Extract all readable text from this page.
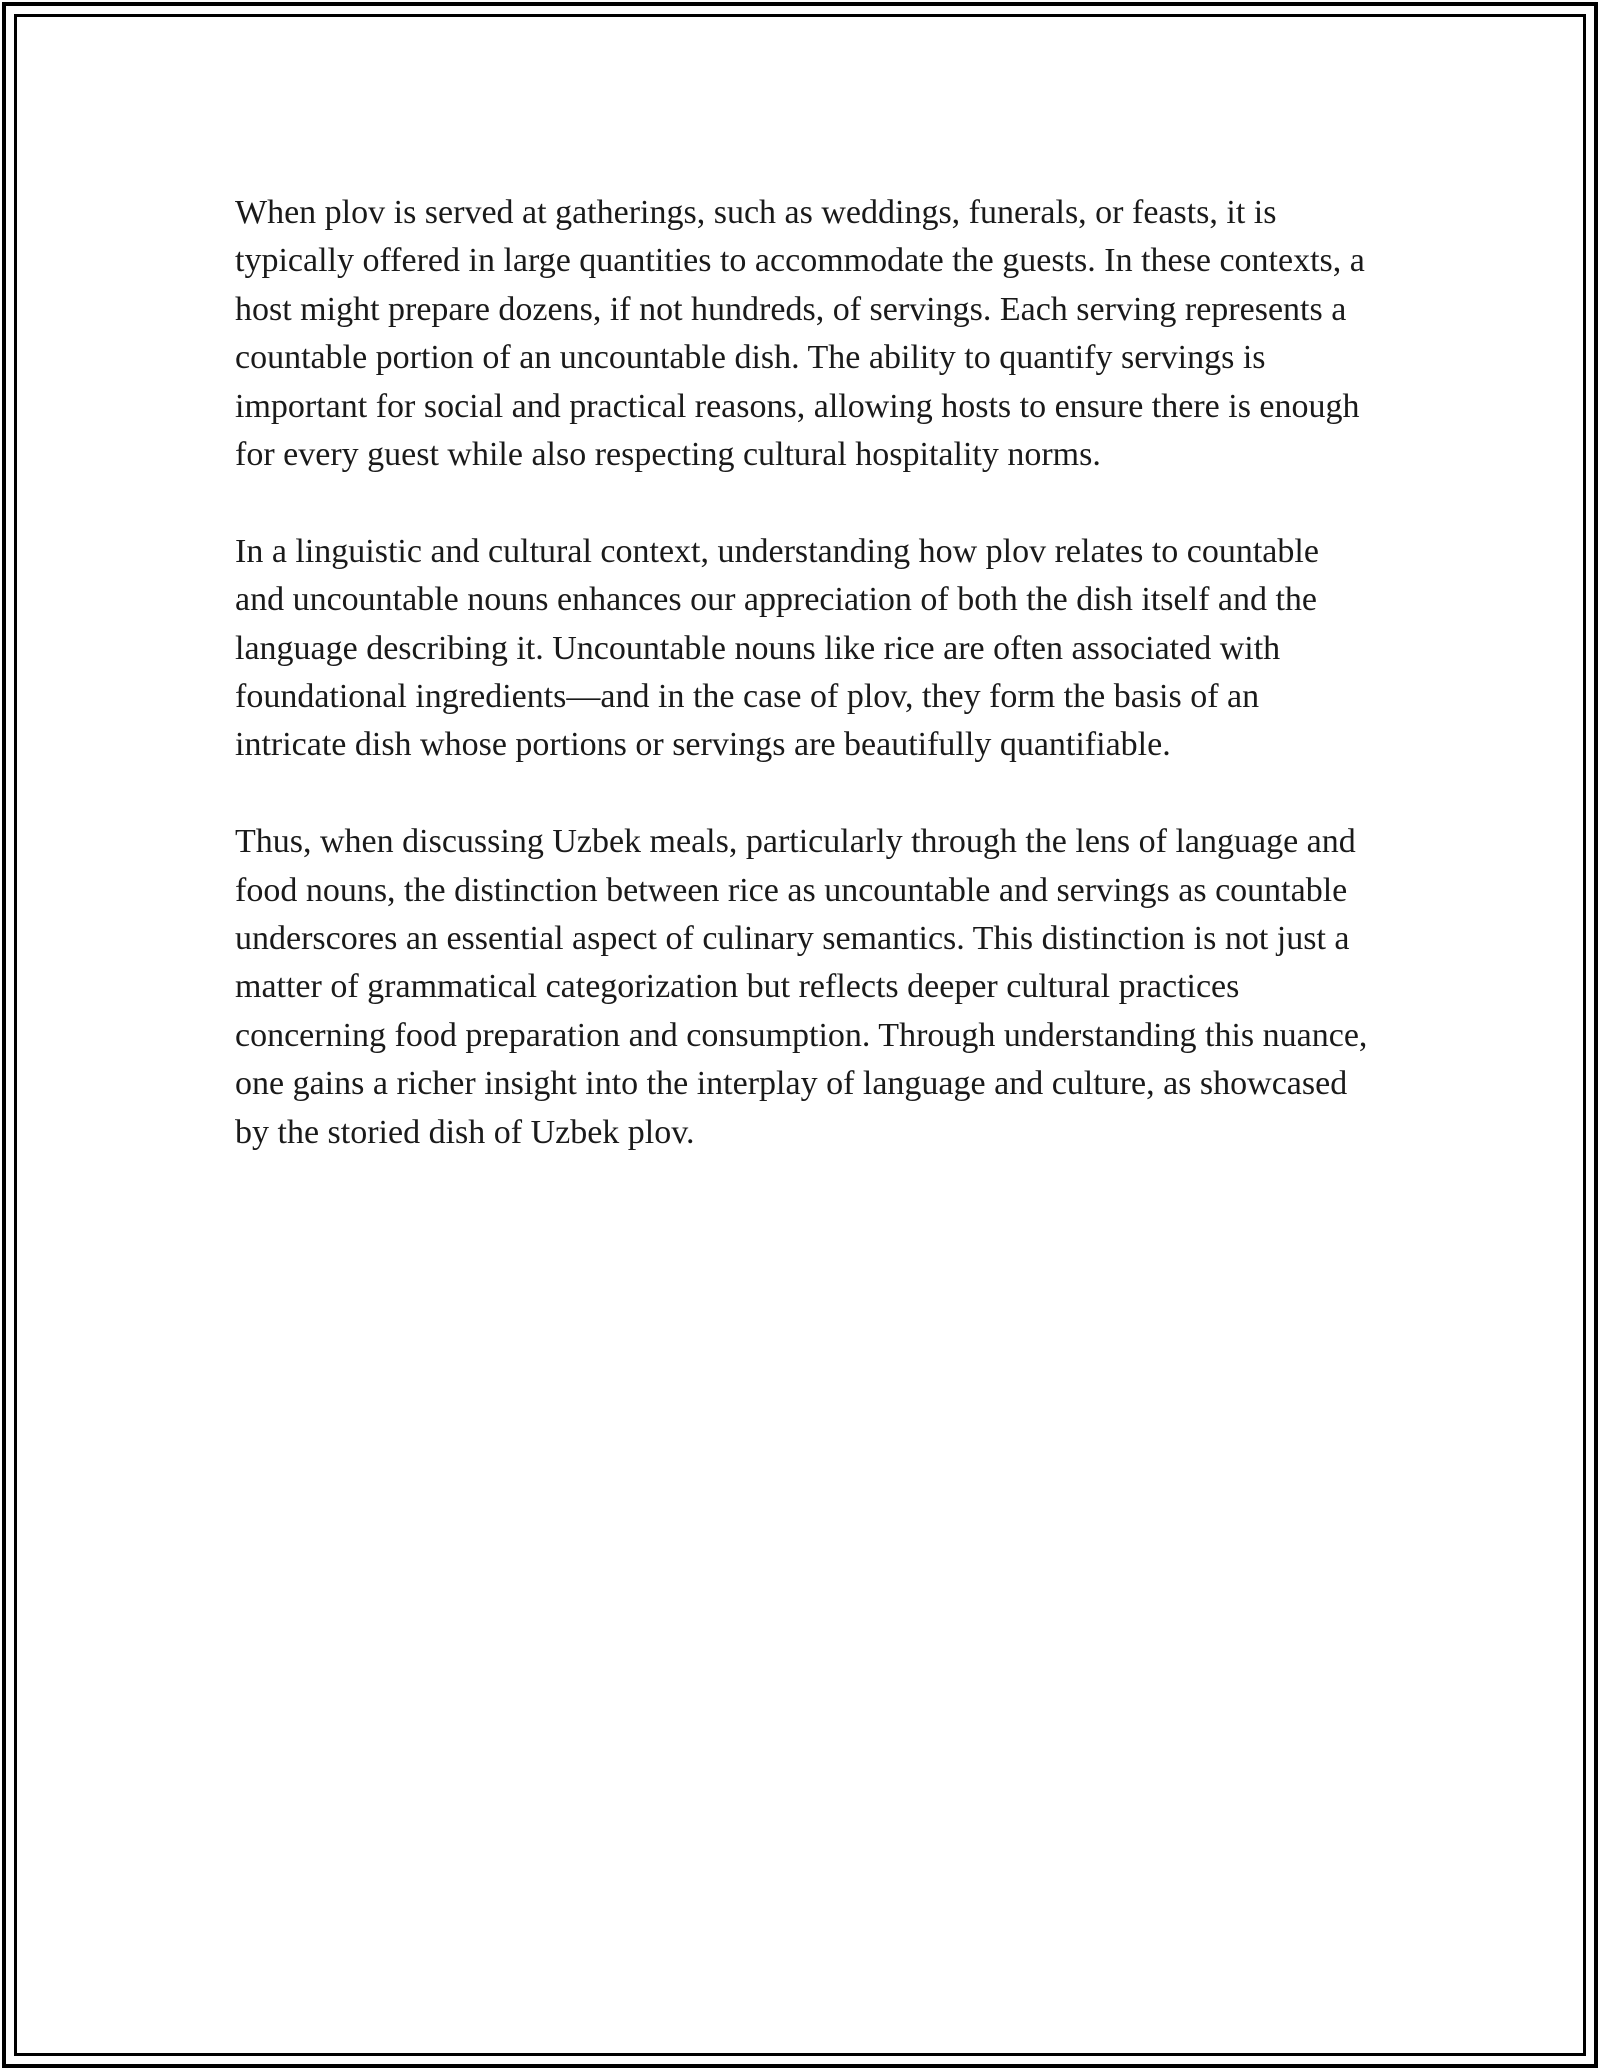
When plov is served at gatherings, such as weddings, funerals, or feasts, it is typically offered in large quantities to accommodate the guests. In these contexts, a host might prepare dozens, if not hundreds, of servings. Each serving represents a countable portion of an uncountable dish. The ability to quantify servings is important for social and practical reasons, allowing hosts to ensure there is enough for every guest while also respecting cultural hospitality norms.

In a linguistic and cultural context, understanding how plov relates to countable and uncountable nouns enhances our appreciation of both the dish itself and the language describing it. Uncountable nouns like rice are often associated with foundational ingredients—and in the case of plov, they form the basis of an intricate dish whose portions or servings are beautifully quantifiable.

Thus, when discussing Uzbek meals, particularly through the lens of language and food nouns, the distinction between rice as uncountable and servings as countable underscores an essential aspect of culinary semantics. This distinction is not just a matter of grammatical categorization but reflects deeper cultural practices concerning food preparation and consumption. Through understanding this nuance, one gains a richer insight into the interplay of language and culture, as showcased by the storied dish of Uzbek plov.
